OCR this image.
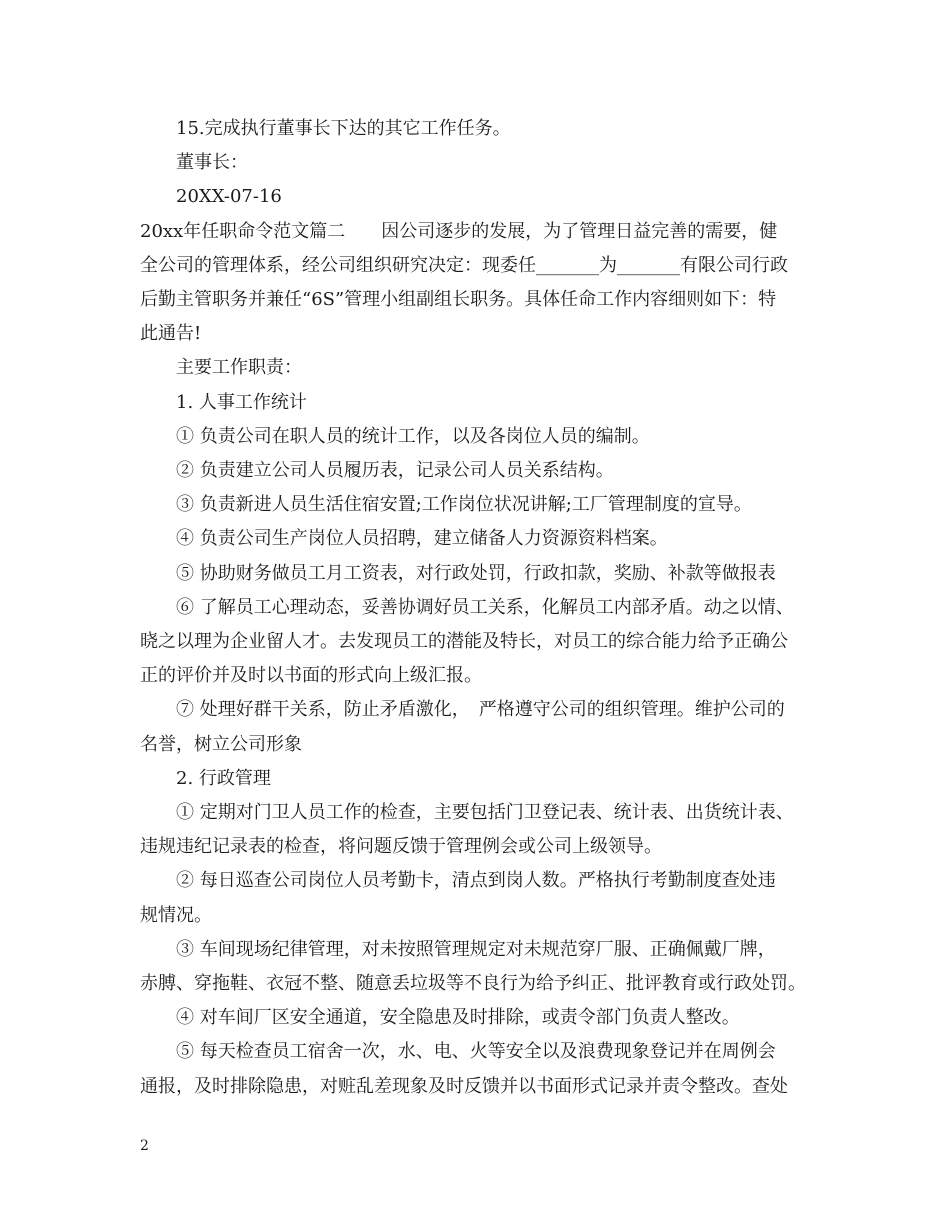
15.完成执行董事长下达的其它工作任务。

董事长：

20XX-07-16

20xx年任职命令范文篇二　　因公司逐步的发展，为了管理日益完善的需要，健

全公司的管理体系，经公司组织研究决定：现委任_______为_______有限公司行政

后勤主管职务并兼任“6S”管理小组副组长职务。具体任命工作内容细则如下：特

此通告!

主要工作职责：

1. 人事工作统计

① 负责公司在职人员的统计工作，以及各岗位人员的编制。

② 负责建立公司人员履历表，记录公司人员关系结构。

③ 负责新进人员生活住宿安置;工作岗位状况讲解;工厂管理制度的宣导。

④ 负责公司生产岗位人员招聘，建立储备人力资源资料档案。

⑤ 协助财务做员工月工资表，对行政处罚，行政扣款，奖励、补款等做报表

⑥ 了解员工心理动态，妥善协调好员工关系，化解员工内部矛盾。动之以情、

晓之以理为企业留人才。去发现员工的潜能及特长，对员工的综合能力给予正确公

正的评价并及时以书面的形式向上级汇报。

⑦ 处理好群干关系，防止矛盾激化，　严格遵守公司的组织管理。维护公司的

名誉，树立公司形象

2. 行政管理

① 定期对门卫人员工作的检查，主要包括门卫登记表、统计表、出货统计表、

违规违纪记录表的检查，将问题反馈于管理例会或公司上级领导。

② 每日巡查公司岗位人员考勤卡，清点到岗人数。严格执行考勤制度查处违

规情况。

③ 车间现场纪律管理，对未按照管理规定对未规范穿厂服、正确佩戴厂牌，

赤膊、穿拖鞋、衣冠不整、随意丢垃圾等不良行为给予纠正、批评教育或行政处罚。

④ 对车间厂区安全通道，安全隐患及时排除，或责令部门负责人整改。

⑤ 每天检查员工宿舍一次，水、电、火等安全以及浪费现象登记并在周例会

通报，及时排除隐患，对赃乱差现象及时反馈并以书面形式记录并责令整改。查处

2
